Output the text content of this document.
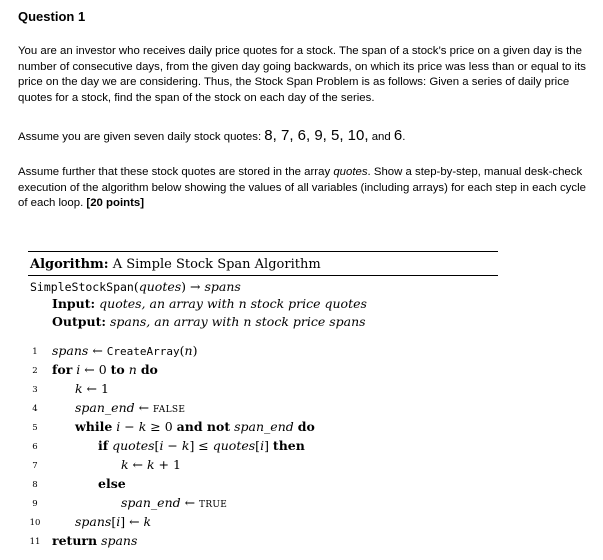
Question 1
You are an investor who receives daily price quotes for a stock. The span of a stock’s price on a given day is the number of consecutive days, from the given day going backwards, on which its price was less than or equal to its price on the day we are considering. Thus, the Stock Span Problem is as follows: Given a series of daily price quotes for a stock, find the span of the stock on each day of the series.
Assume you are given seven daily stock quotes: 8, 7, 6, 9, 5, 10, and 6.
Assume further that these stock quotes are stored in the array quotes. Show a step-by-step, manual desk-check execution of the algorithm below showing the values of all variables (including arrays) for each step in each cycle of each loop. [20 points]
Algorithm: A Simple Stock Span Algorithm
SimpleStockSpan(quotes) → spans
Input: quotes, an array with n stock price quotes
Output: spans, an array with n stock price spans
1	spans ← CreateArray(n)
2	for i ← 0 to n do
3	k ← 1
4	span_end ← FALSE
5	while i − k ≥ 0 and not span_end do
6	if quotes[i − k] ≤ quotes[i] then
7	k ← k + 1
8	else
9	span_end ← TRUE
10	spans[i] ← k
11 return spans
